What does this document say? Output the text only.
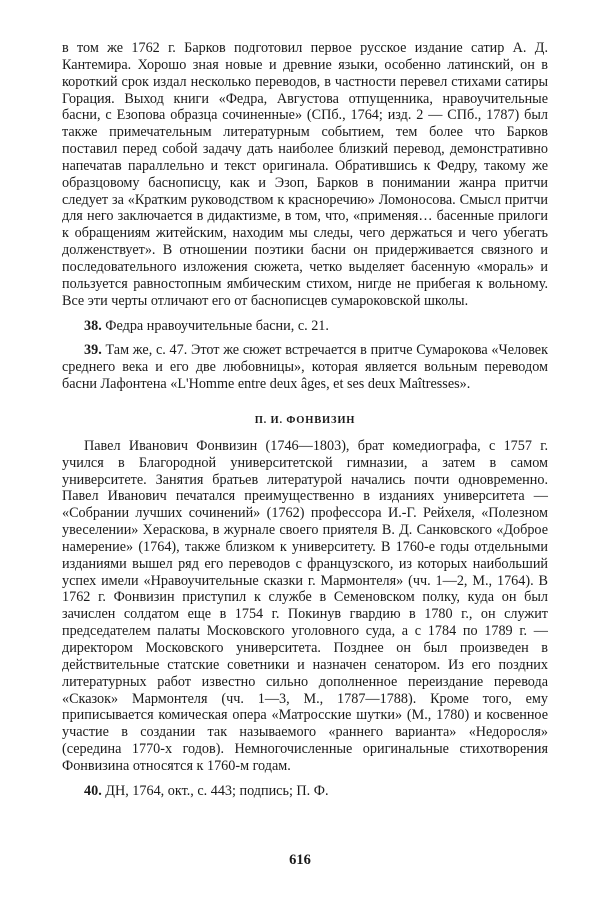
в том же 1762 г. Барков подготовил первое русское издание сатир А. Д. Кантемира. Хорошо зная новые и древние языки, особенно латинский, он в короткий срок издал несколько переводов, в частности перевел стихами сатиры Горация. Выход книги «Федра, Августова отпущенника, нравоучительные басни, с Езопова образца сочиненные» (СПб., 1764; изд. 2 — СПб., 1787) был также примечательным литературным событием, тем более что Барков поставил перед собой задачу дать наиболее близкий перевод, демонстративно напечатав параллельно и текст оригинала. Обратившись к Федру, такому же образцовому баснописцу, как и Эзоп, Барков в понимании жанра притчи следует за «Кратким руководством к красноречию» Ломоносова. Смысл притчи для него заключается в дидактизме, в том, что, «применяя… басенные прилоги к обращениям житейским, находим мы следы, чего держаться и чего убегать долженствует». В отношении поэтики басни он придерживается связного и последовательного изложения сюжета, четко выделяет басенную «мораль» и пользуется равностопным ямбическим стихом, нигде не прибегая к вольному. Все эти черты отличают его от баснописцев сумароковской школы.

38. Федра нравоучительные басни, с. 21.

39. Там же, с. 47. Этот же сюжет встречается в притче Сумарокова «Человек среднего века и его две любовницы», которая является вольным переводом басни Лафонтена «L'Homme entre deux âges, et ses deux Maîtresses».

П. И. ФОНВИЗИН

Павел Иванович Фонвизин (1746—1803), брат комедиографа, с 1757 г. учился в Благородной университетской гимназии, а затем в самом университете. Занятия братьев литературой начались почти одновременно. Павел Иванович печатался преимущественно в изданиях университета — «Собрании лучших сочинений» (1762) профессора И.-Г. Рейхеля, «Полезном увеселении» Хераскова, в журнале своего приятеля В. Д. Санковского «Доброе намерение» (1764), также близком к университету. В 1760-е годы отдельными изданиями вышел ряд его переводов с французского, из которых наибольший успех имели «Нравоучительные сказки г. Мармонтеля» (чч. 1—2, М., 1764). В 1762 г. Фонвизин приступил к службе в Семеновском полку, куда он был зачислен солдатом еще в 1754 г. Покинув гвардию в 1780 г., он служит председателем палаты Московского уголовного суда, а с 1784 по 1789 г. — директором Московского университета. Позднее он был произведен в действительные статские советники и назначен сенатором. Из его поздних литературных работ известно сильно дополненное переиздание перевода «Сказок» Мармонтеля (чч. 1—3, М., 1787—1788). Кроме того, ему приписывается комическая опера «Матросские шутки» (М., 1780) и косвенное участие в создании так называемого «раннего варианта» «Недоросля» (середина 1770-х годов). Немногочисленные оригинальные стихотворения Фонвизина относятся к 1760-м годам.

40. ДН, 1764, окт., с. 443; подпись; П. Ф.

616
